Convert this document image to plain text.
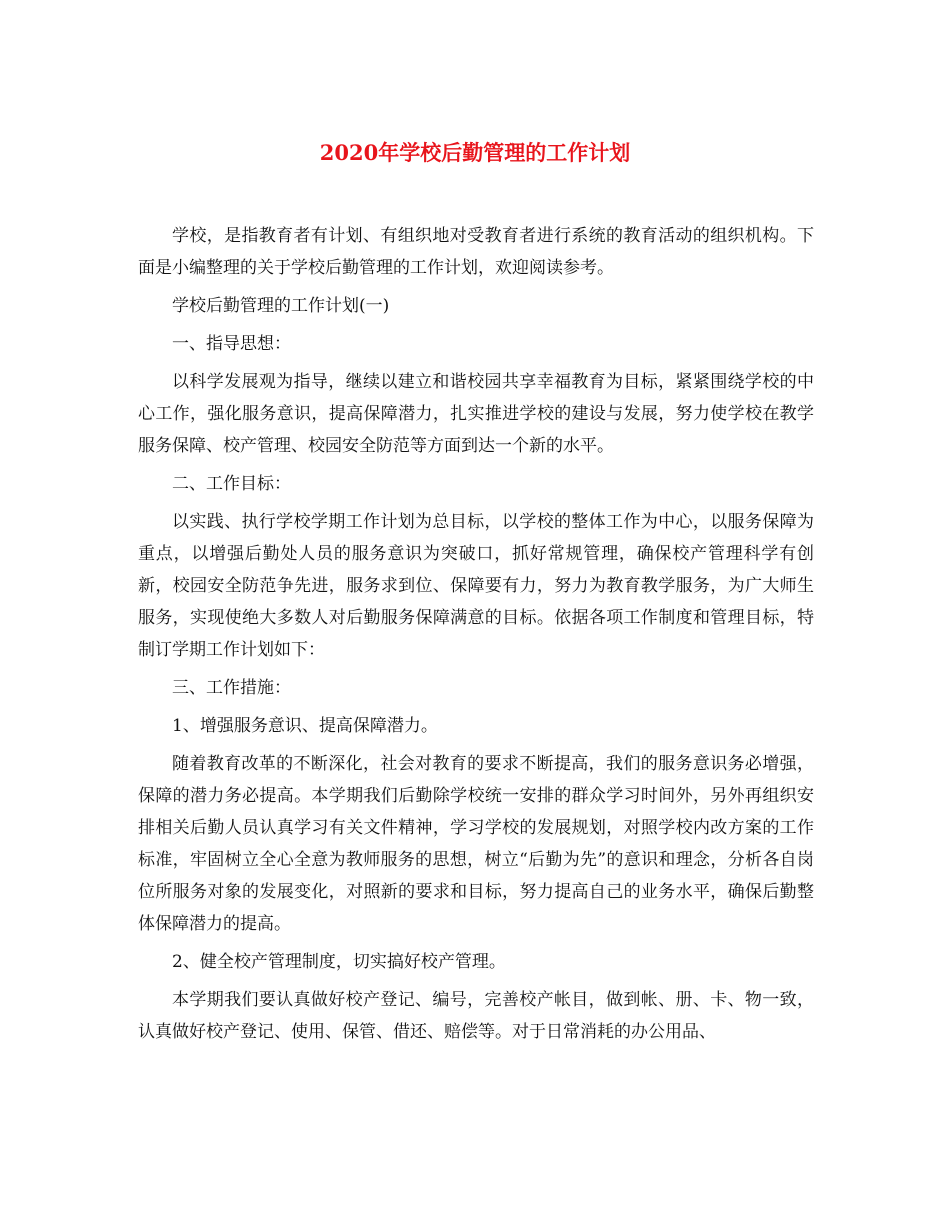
2020年学校后勤管理的工作计划

学校，是指教育者有计划、有组织地对受教育者进行系统的教育活动的组织机构。下面是小编整理的关于学校后勤管理的工作计划，欢迎阅读参考。

学校后勤管理的工作计划(一)

一、指导思想：

以科学发展观为指导，继续以建立和谐校园共享幸福教育为目标，紧紧围绕学校的中心工作，强化服务意识，提高保障潜力，扎实推进学校的建设与发展，努力使学校在教学服务保障、校产管理、校园安全防范等方面到达一个新的水平。

二、工作目标：

以实践、执行学校学期工作计划为总目标，以学校的整体工作为中心，以服务保障为重点，以增强后勤处人员的服务意识为突破口，抓好常规管理，确保校产管理科学有创新，校园安全防范争先进，服务求到位、保障要有力，努力为教育教学服务，为广大师生服务，实现使绝大多数人对后勤服务保障满意的目标。依据各项工作制度和管理目标，特制订学期工作计划如下：

三、工作措施：

1、增强服务意识、提高保障潜力。

随着教育改革的不断深化，社会对教育的要求不断提高，我们的服务意识务必增强，保障的潜力务必提高。本学期我们后勤除学校统一安排的群众学习时间外，另外再组织安排相关后勤人员认真学习有关文件精神，学习学校的发展规划，对照学校内改方案的工作标准，牢固树立全心全意为教师服务的思想，树立“后勤为先”的意识和理念，分析各自岗位所服务对象的发展变化，对照新的要求和目标，努力提高自己的业务水平，确保后勤整体保障潜力的提高。

2、健全校产管理制度，切实搞好校产管理。

本学期我们要认真做好校产登记、编号，完善校产帐目，做到帐、册、卡、物一致，认真做好校产登记、使用、保管、借还、赔偿等。对于日常消耗的办公用品、
